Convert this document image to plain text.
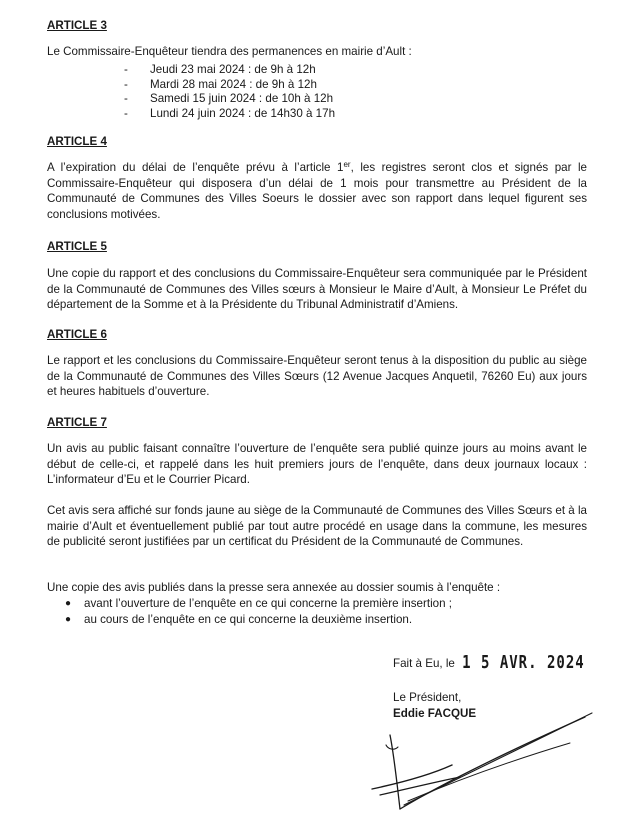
ARTICLE 3

Le Commissaire-Enquêteur tiendra des permanences en mairie d’Ault :

- Jeudi 23 mai 2024 : de 9h à 12h
- Mardi 28 mai 2024 : de 9h à 12h
- Samedi 15 juin 2024 : de 10h à 12h
- Lundi 24 juin 2024 : de 14h30 à 17h
ARTICLE 4

A l’expiration du délai de l’enquête prévu à l’article 1er, les registres seront clos et signés par le Commissaire-Enquêteur qui disposera d’un délai de 1 mois pour transmettre au Président de la Communauté de Communes des Villes Soeurs le dossier avec son rapport dans lequel figurent ses conclusions motivées.

ARTICLE 5

Une copie du rapport et des conclusions du Commissaire-Enquêteur sera communiquée par le Président de la Communauté de Communes des Villes sœurs à Monsieur le Maire d’Ault, à Monsieur Le Préfet du département de la Somme et à la Présidente du Tribunal Administratif d’Amiens.

ARTICLE 6

Le rapport et les conclusions du Commissaire-Enquêteur seront tenus à la disposition du public au siège de la Communauté de Communes des Villes Sœurs (12 Avenue Jacques Anquetil, 76260 Eu) aux jours et heures habituels d’ouverture.

ARTICLE 7

Un avis au public faisant connaître l’ouverture de l’enquête sera publié quinze jours au moins avant le début de celle-ci, et rappelé dans les huit premiers jours de l’enquête, dans deux journaux locaux : L’informateur d’Eu et le Courrier Picard.

Cet avis sera affiché sur fonds jaune au siège de la Communauté de Communes des Villes Sœurs et à la mairie d’Ault et éventuellement publié par tout autre procédé en usage dans la commune, les mesures de publicité seront justifiées par un certificat du Président de la Communauté de Communes.

Une copie des avis publiés dans la presse sera annexée au dossier soumis à l’enquête :

● avant l’ouverture de l’enquête en ce qui concerne la première insertion ;
● au cours de l’enquête en ce qui concerne la deuxième insertion.
Fait à Eu, le 1 5 AVR. 2024
Le Président,
Eddie FACQUE
